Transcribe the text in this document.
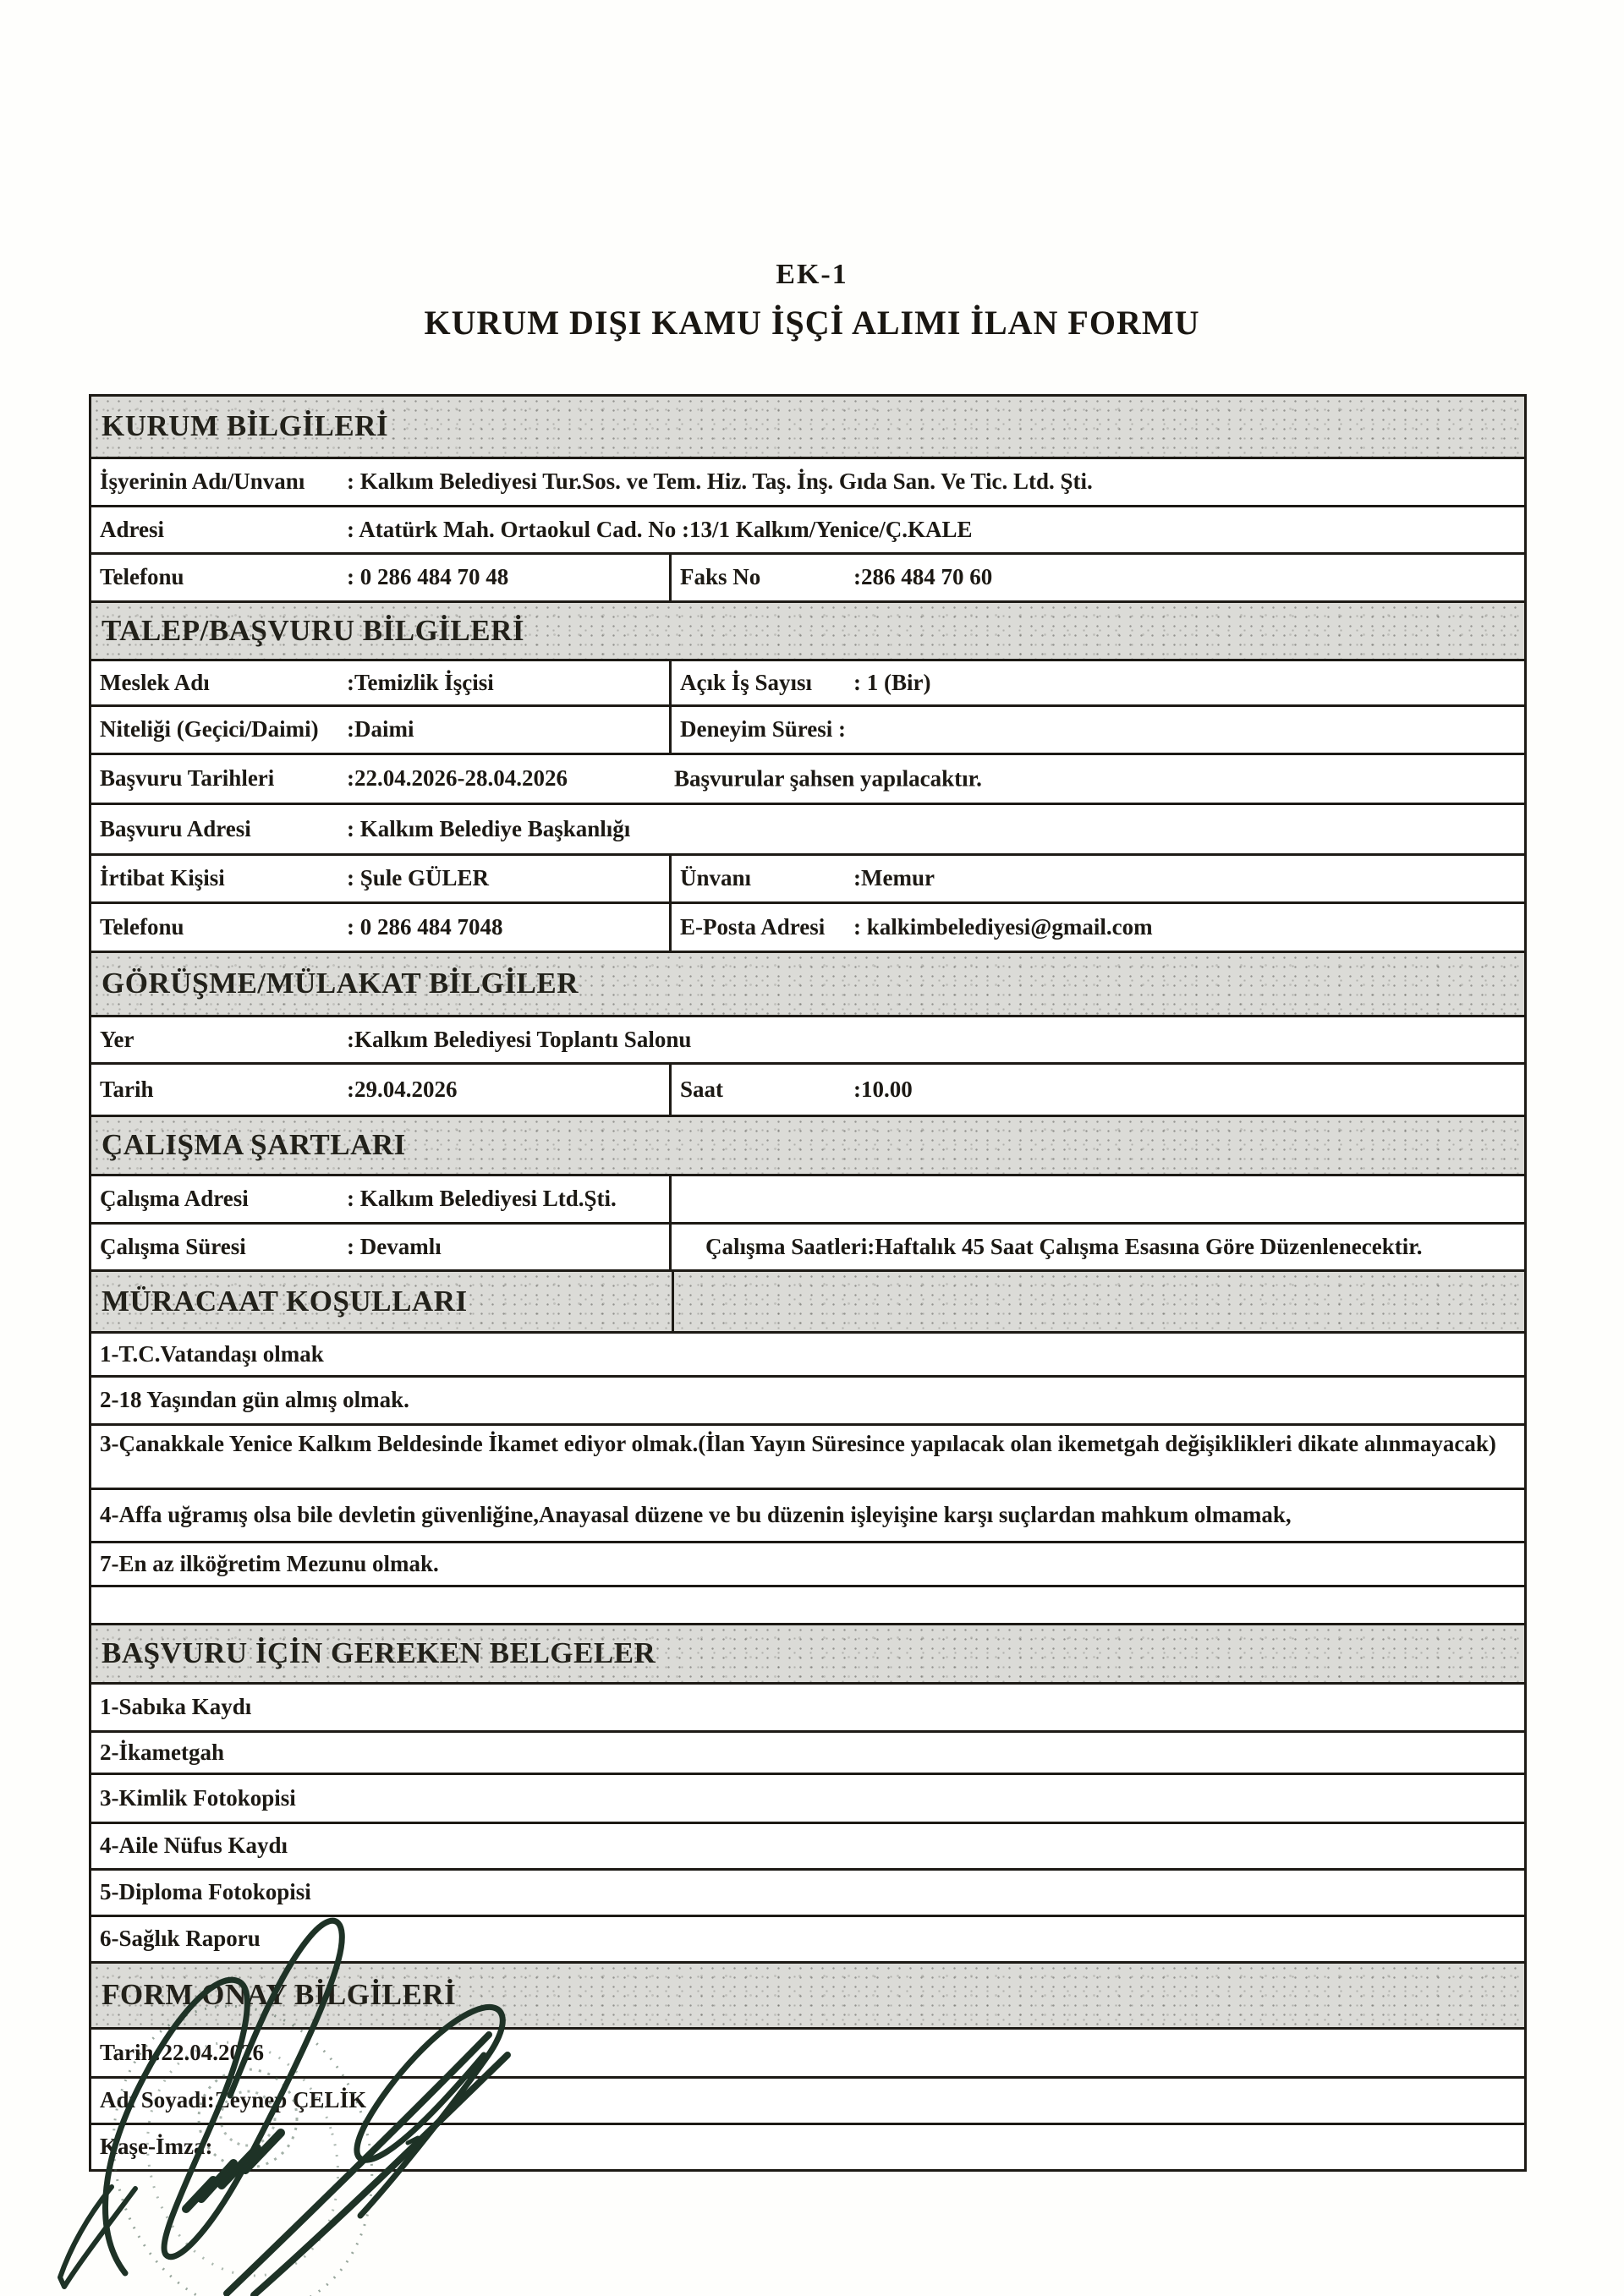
EK-1
KURUM DIŞI KAMU İŞÇİ ALIMI İLAN FORMU
KURUM BİLGİLERİ
İşyerinin Adı/Unvanı	: Kalkım Belediyesi Tur.Sos. ve Tem. Hiz. Taş. İnş. Gıda San. Ve Tic. Ltd. Şti.
Adresi	: Atatürk Mah. Ortaokul Cad. No :13/1 Kalkım/Yenice/Ç.KALE
Telefonu	: 0 286 484 70 48	Faks No	:286 484 70 60
TALEP/BAŞVURU BİLGİLERİ
Meslek Adı	:Temizlik İşçisi	Açık İş Sayısı	: 1 (Bir)
Niteliği (Geçici/Daimi)	:Daimi	Deneyim Süresi :
Başvuru Tarihleri	:22.04.2026-28.04.2026	Başvurular şahsen yapılacaktır.
Başvuru Adresi	: Kalkım Belediye Başkanlığı
İrtibat Kişisi	: Şule GÜLER	Ünvanı	:Memur
Telefonu	: 0 286 484 7048	E-Posta Adresi	: kalkimbelediyesi@gmail.com
GÖRÜŞME/MÜLAKAT BİLGİLER
Yer	:Kalkım Belediyesi Toplantı Salonu
Tarih	:29.04.2026	Saat	:10.00
ÇALIŞMA ŞARTLARI
Çalışma Adresi	: Kalkım Belediyesi Ltd.Şti.
Çalışma Süresi	: Devamlı	Çalışma Saatleri: Haftalık 45 Saat Çalışma Esasına Göre Düzenlenecektir.
MÜRACAAT KOŞULLARI
1-T.C.Vatandaşı olmak
2-18 Yaşından gün almış olmak.
3-Çanakkale Yenice Kalkım Beldesinde İkamet ediyor olmak.(İlan Yayın Süresince yapılacak olan ikemetgah değişiklikleri dikate alınmayacak)
4-Affa uğramış olsa bile devletin güvenliğine,Anayasal düzene ve bu düzenin işleyişine karşı suçlardan mahkum olmamak,
7-En az ilköğretim Mezunu olmak.
BAŞVURU İÇİN GEREKEN BELGELER
1-Sabıka Kaydı
2-İkametgah
3-Kimlik Fotokopisi
4-Aile Nüfus Kaydı
5-Diploma Fotokopisi
6-Sağlık Raporu
FORM ONAY BİLGİLERİ
Tarih:22.04.2026
Adı Soyadı:Zeynep ÇELİK
Kaşe-İmza:
